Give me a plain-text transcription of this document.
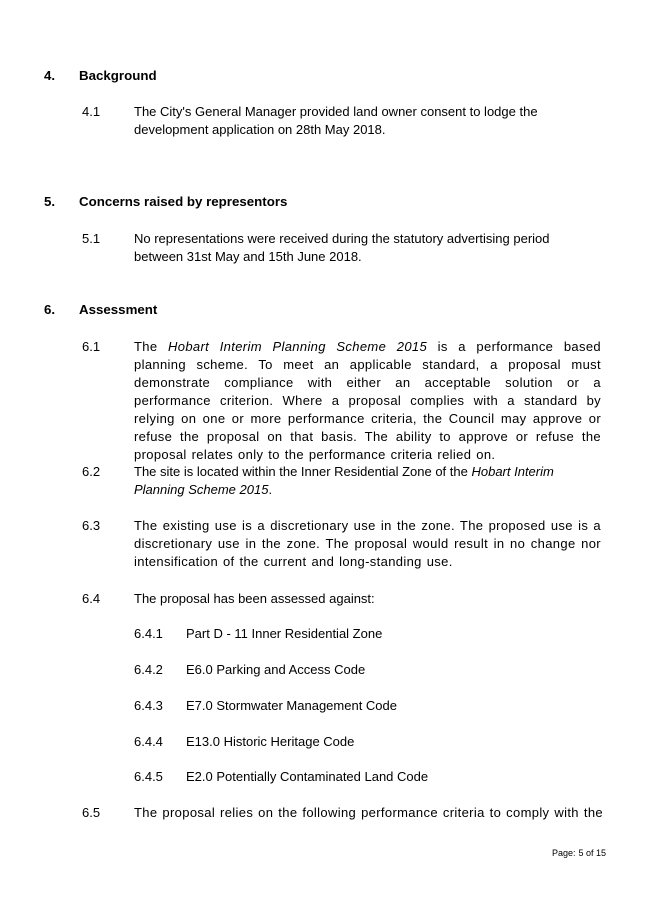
4.	Background
4.1	The City's General Manager provided land owner consent to lodge the development application on 28th May 2018.
5.	Concerns raised by representors
5.1	No representations were received during the statutory advertising period between 31st May and 15th June 2018.
6.	Assessment
6.1	The Hobart Interim Planning Scheme 2015 is a performance based planning scheme. To meet an applicable standard, a proposal must demonstrate compliance with either an acceptable solution or a performance criterion. Where a proposal complies with a standard by relying on one or more performance criteria, the Council may approve or refuse the proposal on that basis. The ability to approve or refuse the proposal relates only to the performance criteria relied on.
6.2	The site is located within the Inner Residential Zone of the Hobart Interim Planning Scheme 2015.
6.3	The existing use is a discretionary use in the zone. The proposed use is a discretionary use in the zone. The proposal would result in no change nor intensification of the current and long-standing use.
6.4	The proposal has been assessed against:
6.4.1	Part D - 11 Inner Residential Zone
6.4.2	E6.0 Parking and Access Code
6.4.3	E7.0 Stormwater Management Code
6.4.4	E13.0 Historic Heritage Code
6.4.5	E2.0 Potentially Contaminated Land Code
6.5	The proposal relies on the following performance criteria to comply with the
Page: 5 of 15
